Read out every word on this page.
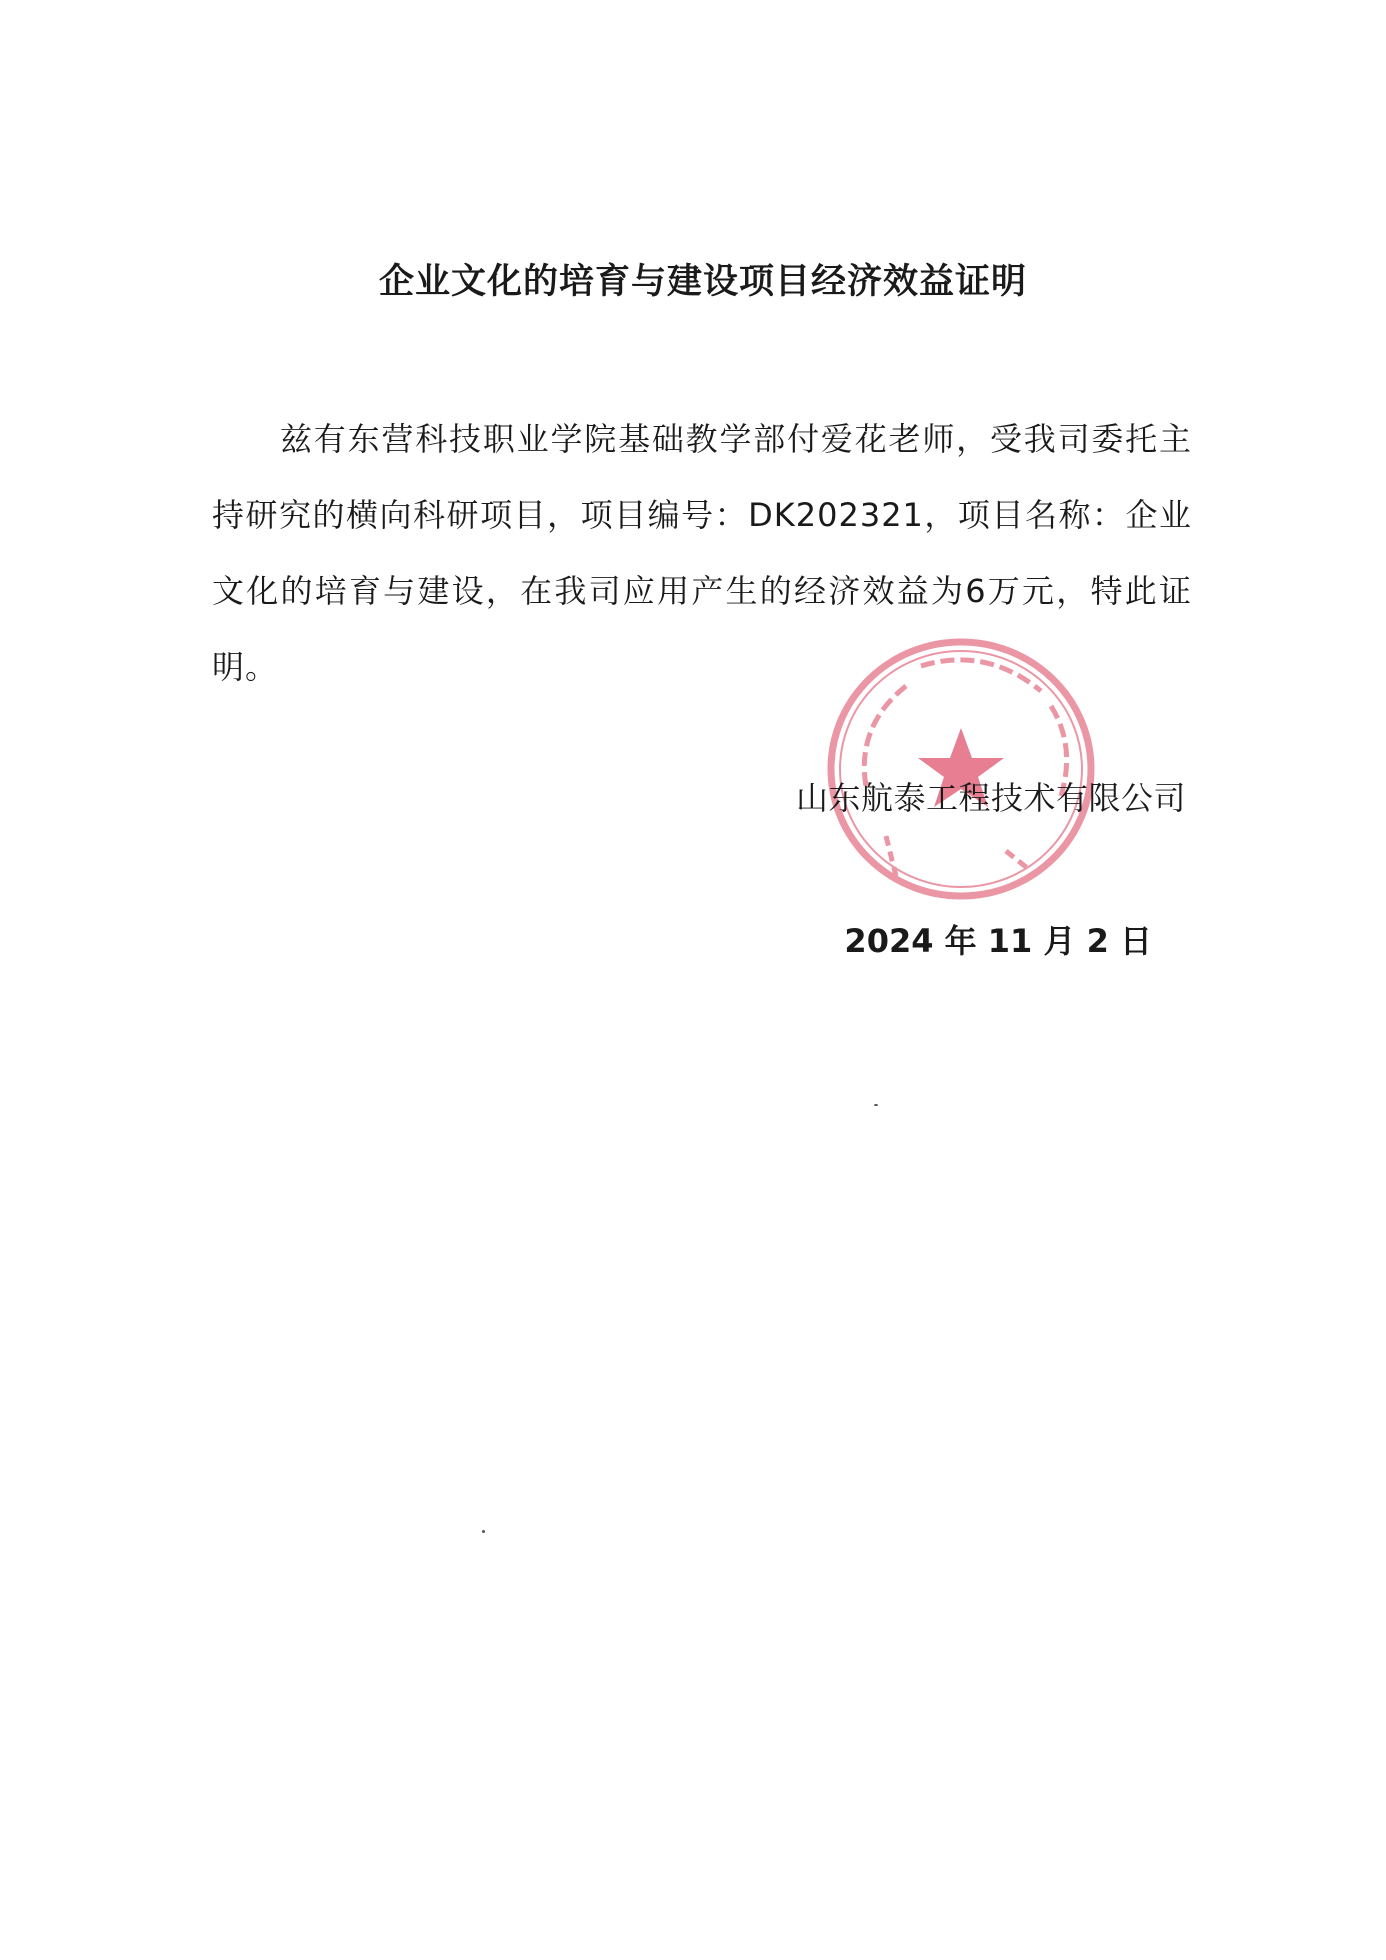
企业文化的培育与建设项目经济效益证明
兹有东营科技职业学院基础教学部付爱花老师，受我司委托主持研究的横向科研项目，项目编号：DK202321，项目名称：企业文化的培育与建设，在我司应用产生的经济效益为6万元，特此证明。
山东航泰工程技术有限公司
2024 年 11 月 2 日
